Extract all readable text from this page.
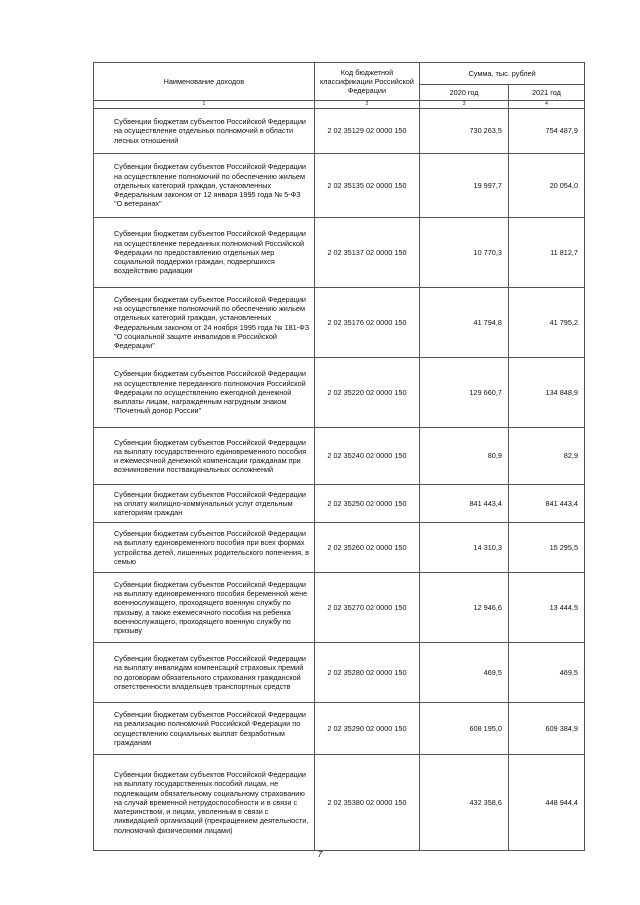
Наименование доходов	Код бюджетной классификации Российской Федерации	Сумма, тыс. рублей	
		2020 год	2021 год
1	2	3	4
Субвенции бюджетам субъектов Российской Федерации на осуществление отдельных полномочий в области лесных отношений	2 02 35129 02 0000 150	730 263,5	754 487,9
Субвенции бюджетам субъектов Российской Федерации на осуществление полномочий по обеспечению жильем отдельных категорий граждан, установленных Федеральным законом от 12 января 1995 года № 5-ФЗ "О ветеранах"	2 02 35135 02 0000 150	19 997,7	20 054,0
Субвенции бюджетам субъектов Российской Федерации на осуществление переданных полномочий Российской Федерации по предоставлению отдельных мер социальной поддержки граждан, подвергшихся воздействию радиации	2 02 35137 02 0000 150	10 770,3	11 812,7
Субвенции бюджетам субъектов Российской Федерации на осуществление полномочий по обеспечению жильем отдельных категорий граждан, установленных Федеральным законом от 24 ноября 1995 года № 181-ФЗ "О социальной защите инвалидов в Российской Федерации"	2 02 35176 02 0000 150	41 794,8	41 795,2
Субвенции бюджетам субъектов Российской Федерации на осуществление переданного полномочия Российской Федерации по осуществлению ежегодной денежной выплаты лицам, награжденным нагрудным знаком "Почетный донор России"	2 02 35220 02 0000 150	129 660,7	134 848,9
Субвенции бюджетам субъектов Российской Федерации на выплату государственного единовременного пособия и ежемесячной денежной компенсации гражданам при возникновении поствакцинальных осложнений	2 02 35240 02 0000 150	80,9	82,9
Субвенции бюджетам субъектов Российской Федерации на оплату жилищно-коммунальных услуг отдельным категориям граждан	2 02 35250 02 0000 150	841 443,4	841 443,4
Субвенции бюджетам субъектов Российской Федерации на выплату единовременного пособия при всех формах устройства детей, лишенных родительского попечения, в семью	2 02 35260 02 0000 150	14 310,3	15 295,5
Субвенции бюджетам субъектов Российской Федерации на выплату единовременного пособия беременной жене военнослужащего, проходящего военную службу по призыву, а также ежемесячного пособия на ребенка военнослужащего, проходящего военную службу по призыву	2 02 35270 02 0000 150	12 946,6	13 444,5
Субвенции бюджетам субъектов Российской Федерации на выплату инвалидам компенсаций страховых премий по договорам обязательного страхования гражданской ответственности владельцев транспортных средств	2 02 35280 02 0000 150	469,5	469,5
Субвенции бюджетам субъектов Российской Федерации на реализацию полномочий Российской Федерации по осуществлению социальных выплат безработным гражданам	2 02 35290 02 0000 150	608 195,0	609 384,9
Субвенции бюджетам субъектов Российской Федерации на выплату государственных пособий лицам, не подлежащим обязательному социальному страхованию на случай временной нетрудоспособности и в связи с материнством, и лицам, уволенным в связи с ликвидацией организаций (прекращением деятельности, полномочий физическими лицами)	2 02 35380 02 0000 150	432 358,6	448 944,4
7
